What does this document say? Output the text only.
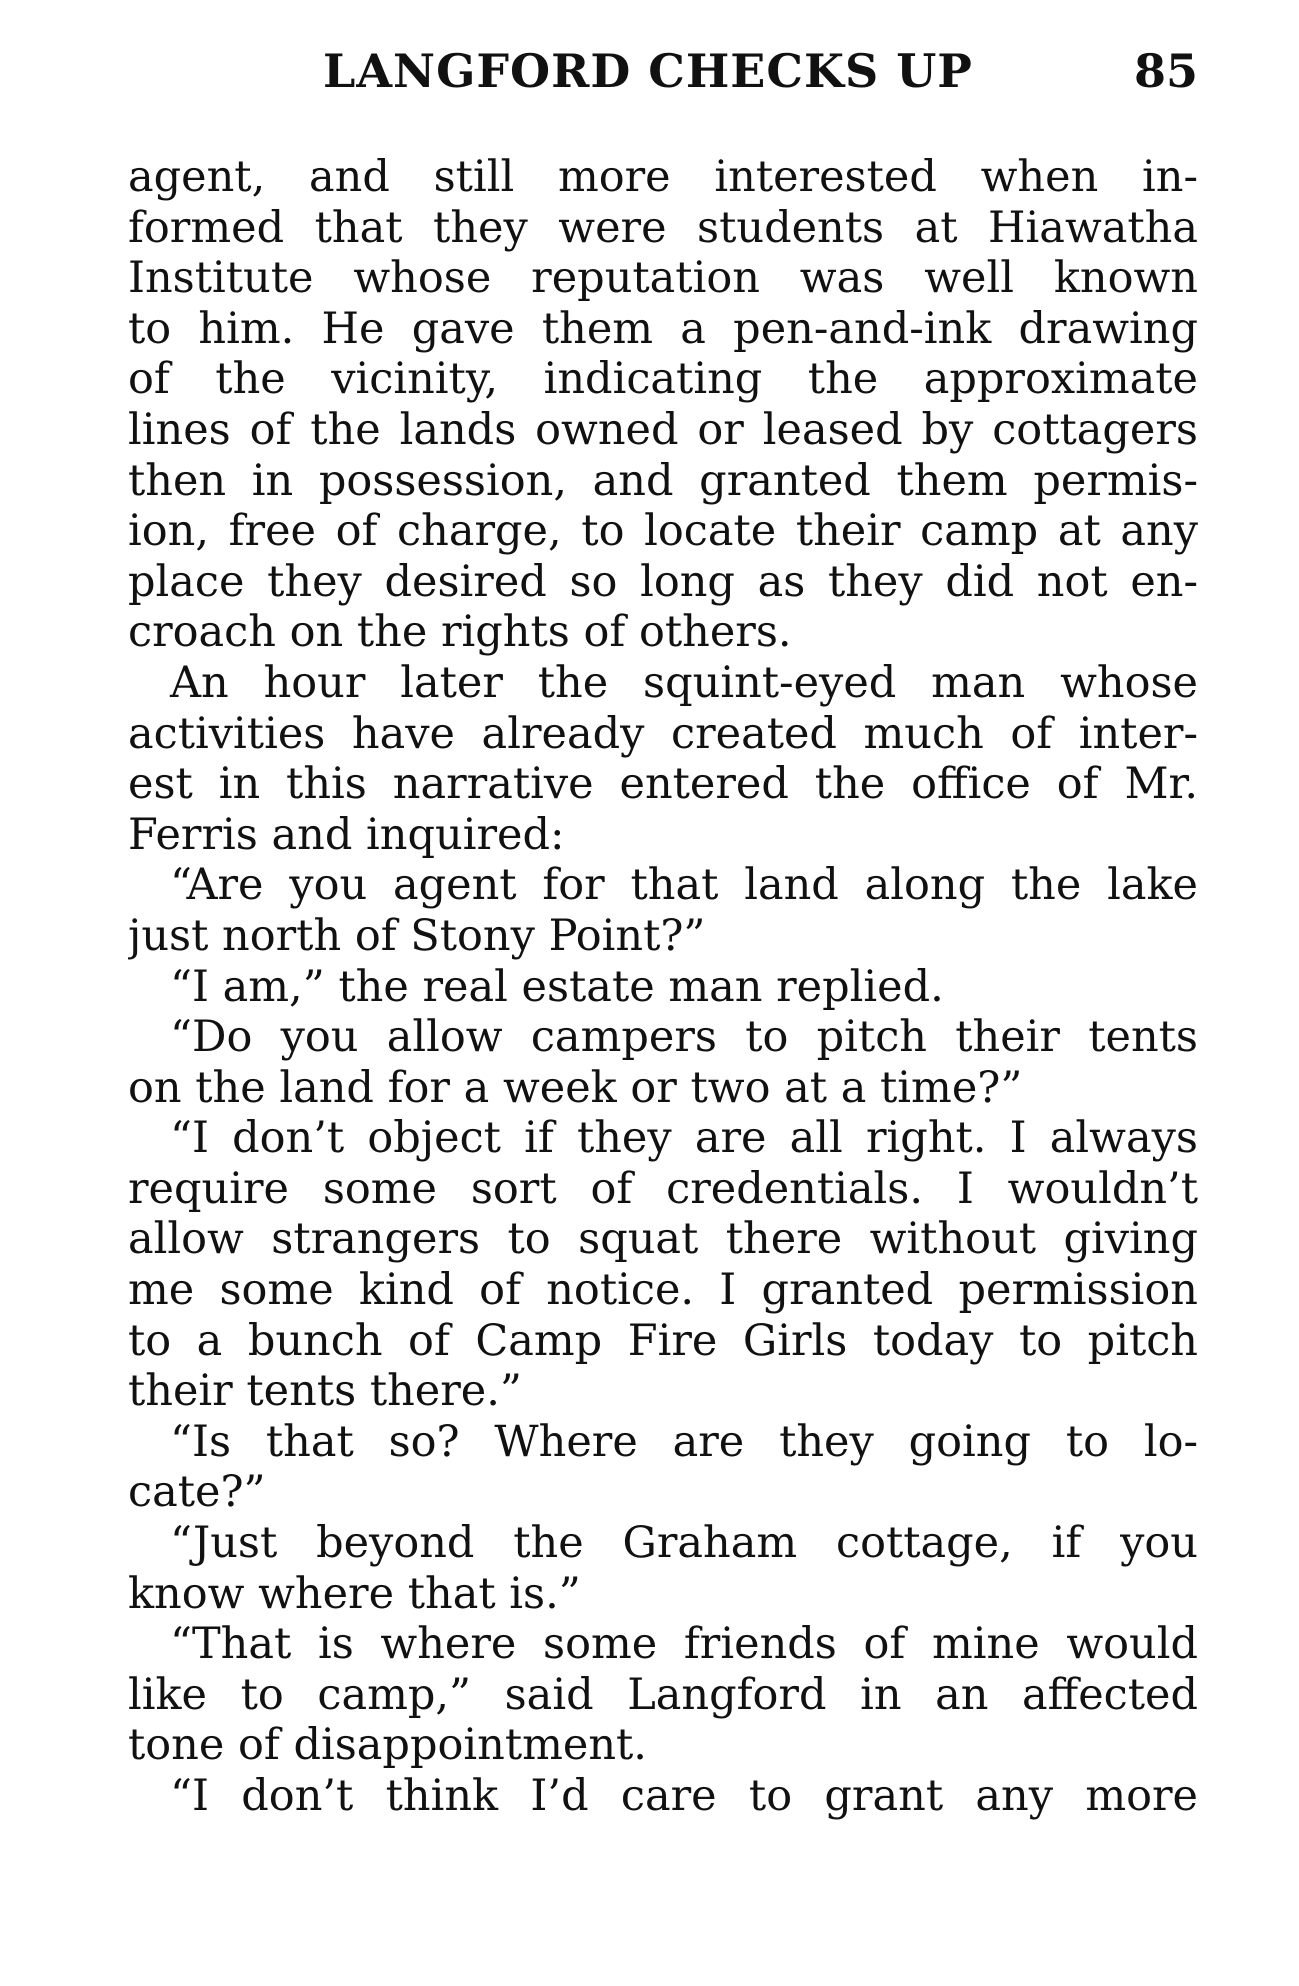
LANGFORD CHECKS UP	85
agent, and still more interested when in-
formed that they were students at Hiawatha
Institute whose reputation was well known
to him. He gave them a pen-and-ink drawing
of the vicinity, indicating the approximate
lines of the lands owned or leased by cottagers
then in possession, and granted them permis-
ion, free of charge, to locate their camp at any
place they desired so long as they did not en-
croach on the rights of others.
An hour later the squint-eyed man whose
activities have already created much of inter-
est in this narrative entered the office of Mr.
Ferris and inquired:
“Are you agent for that land along the lake
just north of Stony Point?”
“I am,” the real estate man replied.
“Do you allow campers to pitch their tents
on the land for a week or two at a time?”
“I don’t object if they are all right. I always
require some sort of credentials. I wouldn’t
allow strangers to squat there without giving
me some kind of notice. I granted permission
to a bunch of Camp Fire Girls today to pitch
their tents there.”
“Is that so? Where are they going to lo-
cate?”
“Just beyond the Graham cottage, if you
know where that is.”
“That is where some friends of mine would
like to camp,” said Langford in an affected
tone of disappointment.
“I don’t think I’d care to grant any more
